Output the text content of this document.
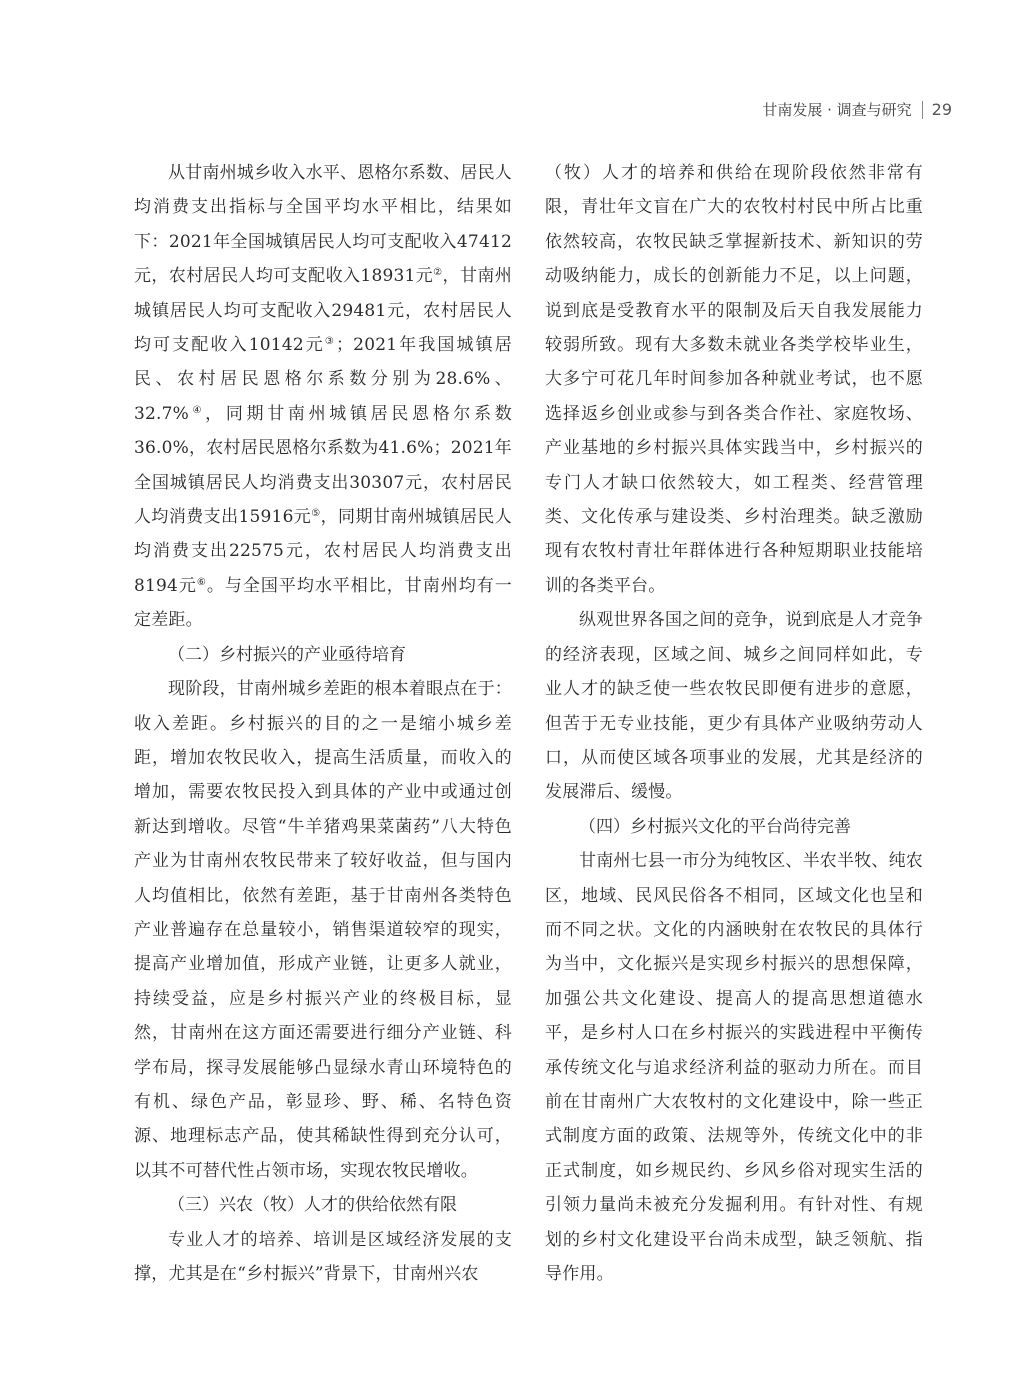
甘南发展 · 调查与研究 29

从甘南州城乡收入水平、恩格尔系数、居民人均消费支出指标与全国平均水平相比，结果如下：2021年全国城镇居民人均可支配收入47412元，农村居民人均可支配收入18931元②，甘南州城镇居民人均可支配收入29481元，农村居民人均可支配收入10142元③；2021年我国城镇居民、农村居民恩格尔系数分别为28.6%、32.7%④，同期甘南州城镇居民恩格尔系数36.0%，农村居民恩格尔系数为41.6%；2021年全国城镇居民人均消费支出30307元，农村居民人均消费支出15916元⑤，同期甘南州城镇居民人均消费支出22575元，农村居民人均消费支出8194元⑥。与全国平均水平相比，甘南州均有一定差距。

（二）乡村振兴的产业亟待培育

现阶段，甘南州城乡差距的根本着眼点在于：收入差距。乡村振兴的目的之一是缩小城乡差距，增加农牧民收入，提高生活质量，而收入的增加，需要农牧民投入到具体的产业中或通过创新达到增收。尽管“牛羊猪鸡果菜菌药”八大特色产业为甘南州农牧民带来了较好收益，但与国内人均值相比，依然有差距，基于甘南州各类特色产业普遍存在总量较小，销售渠道较窄的现实，提高产业增加值，形成产业链，让更多人就业，持续受益，应是乡村振兴产业的终极目标，显然，甘南州在这方面还需要进行细分产业链、科学布局，探寻发展能够凸显绿水青山环境特色的有机、绿色产品，彰显珍、野、稀、名特色资源、地理标志产品，使其稀缺性得到充分认可，以其不可替代性占领市场，实现农牧民增收。

（三）兴农（牧）人才的供给依然有限

专业人才的培养、培训是区域经济发展的支撑，尤其是在“乡村振兴”背景下，甘南州兴农

（牧）人才的培养和供给在现阶段依然非常有限，青壮年文盲在广大的农牧村村民中所占比重依然较高，农牧民缺乏掌握新技术、新知识的劳动吸纳能力，成长的创新能力不足，以上问题，说到底是受教育水平的限制及后天自我发展能力较弱所致。现有大多数未就业各类学校毕业生，大多宁可花几年时间参加各种就业考试，也不愿选择返乡创业或参与到各类合作社、家庭牧场、产业基地的乡村振兴具体实践当中，乡村振兴的专门人才缺口依然较大，如工程类、经营管理类、文化传承与建设类、乡村治理类。缺乏激励现有农牧村青壮年群体进行各种短期职业技能培训的各类平台。

纵观世界各国之间的竞争，说到底是人才竞争的经济表现，区域之间、城乡之间同样如此，专业人才的缺乏使一些农牧民即便有进步的意愿，但苦于无专业技能，更少有具体产业吸纳劳动人口，从而使区域各项事业的发展，尤其是经济的发展滞后、缓慢。

（四）乡村振兴文化的平台尚待完善

甘南州七县一市分为纯牧区、半农半牧、纯农区，地域、民风民俗各不相同，区域文化也呈和而不同之状。文化的内涵映射在农牧民的具体行为当中，文化振兴是实现乡村振兴的思想保障，加强公共文化建设、提高人的提高思想道德水平，是乡村人口在乡村振兴的实践进程中平衡传承传统文化与追求经济利益的驱动力所在。而目前在甘南州广大农牧村的文化建设中，除一些正式制度方面的政策、法规等外，传统文化中的非正式制度，如乡规民约、乡风乡俗对现实生活的引领力量尚未被充分发掘利用。有针对性、有规划的乡村文化建设平台尚未成型，缺乏领航、指导作用。
